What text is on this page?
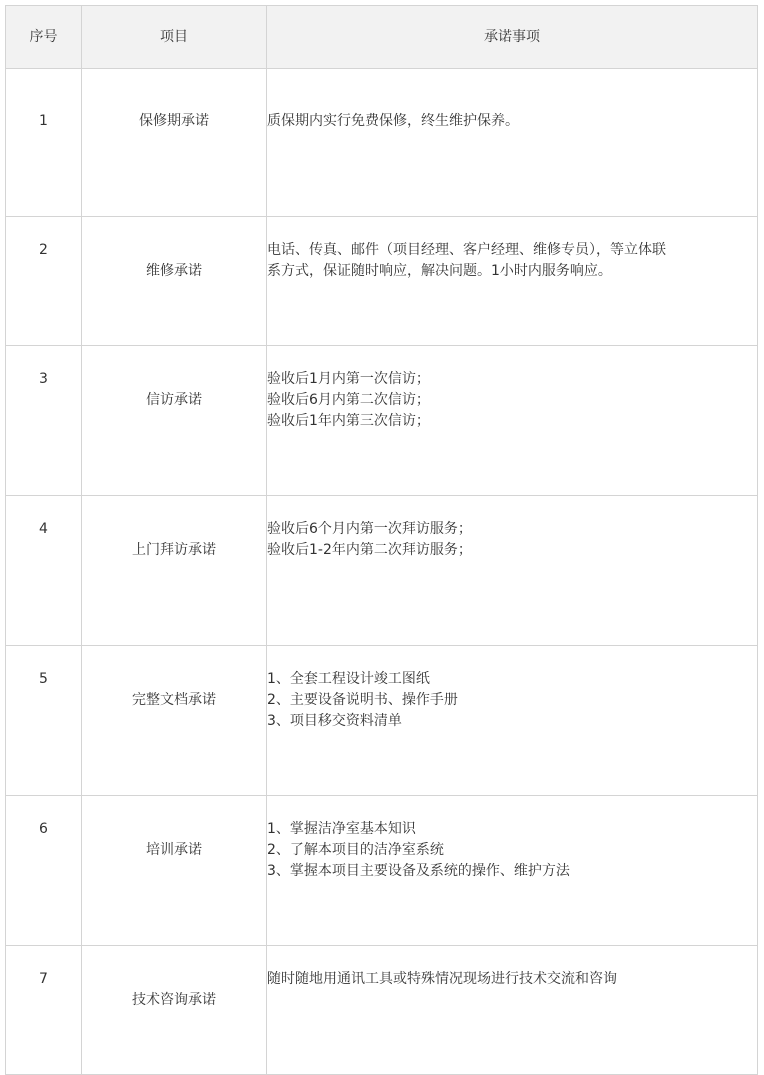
序号	项目	承诺事项
1	保修期承诺	质保期内实行免费保修，终生维护保养。

2	维修承诺	电话、传真、邮件（项目经理、客户经理、维修专员），等立体联
系方式，保证随时响应，解决问题。1小时内服务响应。

3	信访承诺	验收后1月内第一次信访；
验收后6月内第二次信访；
验收后1年内第三次信访；

4	上门拜访承诺	验收后6个月内第一次拜访服务；
验收后1-2年内第二次拜访服务；

5	完整文档承诺	1、全套工程设计竣工图纸
2、主要设备说明书、操作手册
3、项目移交资料清单

6	培训承诺	1、掌握洁净室基本知识
2、了解本项目的洁净室系统
3、掌握本项目主要设备及系统的操作、维护方法

7	技术咨询承诺	随时随地用通讯工具或特殊情况现场进行技术交流和咨询
